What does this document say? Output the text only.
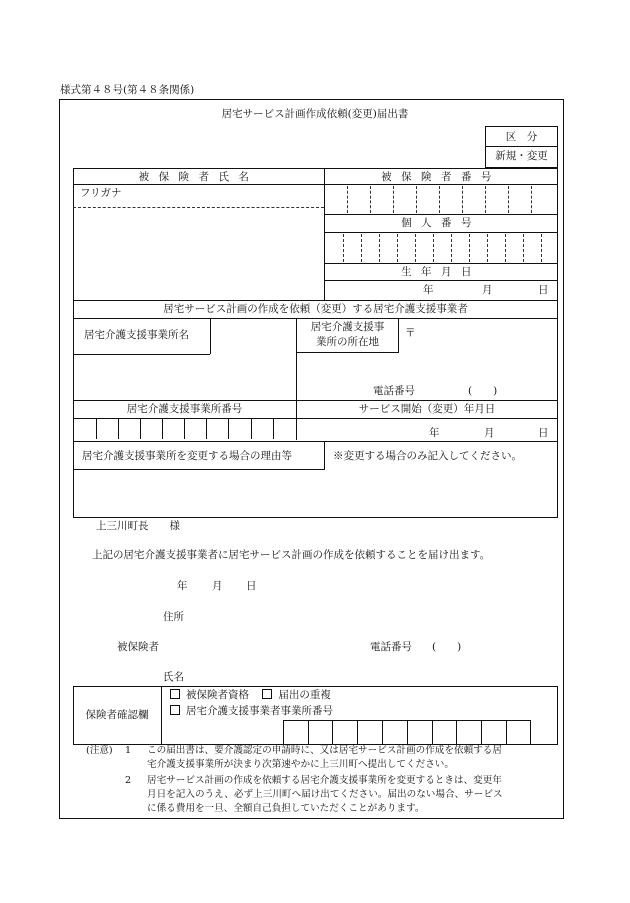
様式第４８号(第４８条関係)
居宅サービス計画作成依頼(変更)届出書
区　分
新規・変更
被保険者氏名	被保険者番号
フリガナ
個人番号
生年月日
年	月	日
居宅サービス計画の作成を依頼（変更）する居宅介護支援事業者
居宅介護支援事業所名
居宅介護支援事
業所の所在地
〒
電話番号	(　　)
居宅介護支援事業所番号	サービス開始（変更）年月日
年	月	日
居宅介護支援事業所を変更する場合の理由等	※変更する場合のみ記入してください。
上三川町長　　様
上記の居宅介護支援事業者に居宅サービス計画の作成を依頼することを届け出ます。
年 月 日
住所
被保険者	電話番号 (　　)
氏名
保険者確認欄
被保険者資格	届出の重複
居宅介護支援事業者事業所番号
(注意) 1 この届出書は、要介護認定の申請時に、又は居宅サービス計画の作成を依頼する居
宅介護支援事業所が決まり次第速やかに上三川町へ提出してください。
2 居宅サービス計画の作成を依頼する居宅介護支援事業所を変更するときは、変更年
月日を記入のうえ、必ず上三川町へ届け出てください。届出のない場合、サービス
に係る費用を一旦、全額自己負担していただくことがあります。
